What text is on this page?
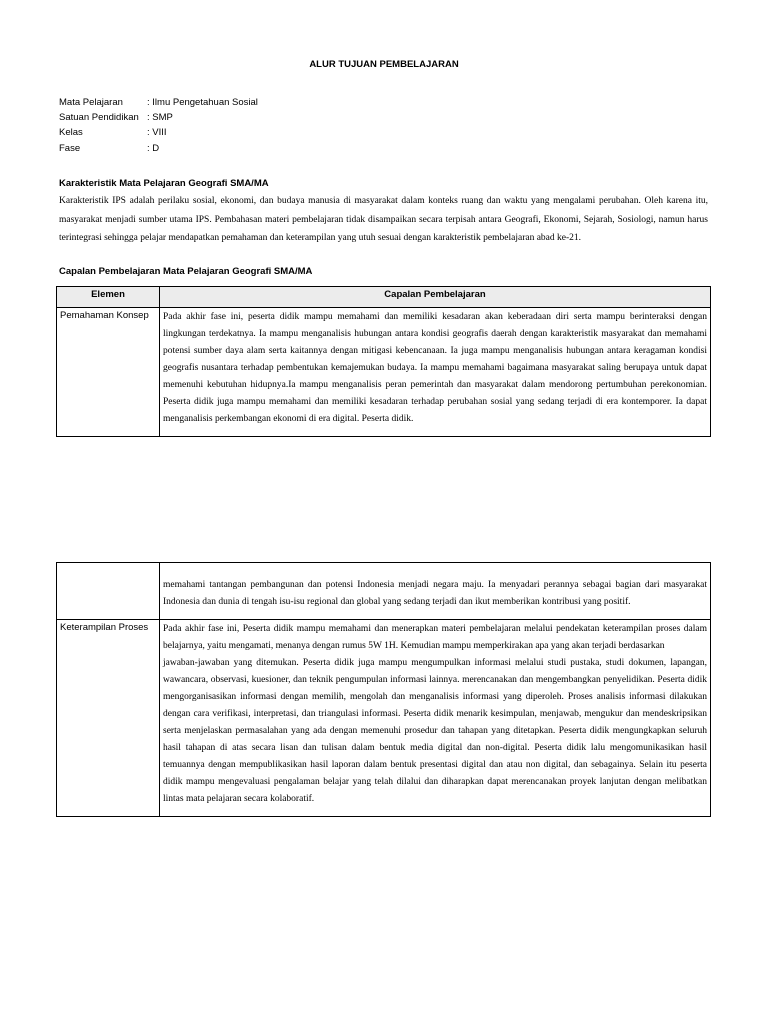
ALUR TUJUAN PEMBELAJARAN
Mata Pelajaran	: Ilmu Pengetahuan Sosial
Satuan Pendidikan : SMP
Kelas	: VIII
Fase	: D
Karakteristik Mata Pelajaran Geografi SMA/MA
Karakteristik IPS adalah perilaku sosial, ekonomi, dan budaya manusia di masyarakat dalam konteks ruang dan waktu yang mengalami perubahan. Oleh karena itu, masyarakat menjadi sumber utama IPS. Pembahasan materi pembelajaran tidak disampaikan secara terpisah antara Geografi, Ekonomi, Sejarah, Sosiologi, namun harus terintegrasi sehingga pelajar mendapatkan pemahaman dan keterampilan yang utuh sesuai dengan karakteristik pembelajaran abad ke-21.
Capalan Pembelajaran Mata Pelajaran Geografi SMA/MA
Elemen	Capalan Pembelajaran
Pemahaman Konsep	Pada akhir fase ini, peserta didik mampu memahami dan memiliki kesadaran akan keberadaan diri serta mampu berinteraksi dengan lingkungan terdekatnya. Ia mampu menganalisis hubungan antara kondisi geografis daerah dengan karakteristik masyarakat dan memahami potensi sumber daya alam serta kaitannya dengan mitigasi kebencanaan. Ia juga mampu menganalisis hubungan antara keragaman kondisi geografis nusantara terhadap pembentukan kemajemukan budaya. Ia mampu memahami bagaimana masyarakat saling berupaya untuk dapat memenuhi kebutuhan hidupnya.Ia mampu menganalisis peran pemerintah dan masyarakat dalam mendorong pertumbuhan perekonomian. Peserta didik juga mampu memahami dan memiliki kesadaran terhadap perubahan sosial yang sedang terjadi di era kontemporer. Ia dapat menganalisis perkembangan ekonomi di era digital. Peserta didik.
	memahami tantangan pembangunan dan potensi Indonesia menjadi negara maju. Ia menyadari perannya sebagai bagian dari masyarakat Indonesia dan dunia di tengah isu-isu regional dan global yang sedang terjadi dan ikut memberikan kontribusi yang positif.
Keterampilan Proses	Pada akhir fase ini, Peserta didik mampu memahami dan menerapkan materi pembelajaran melalui pendekatan keterampilan proses dalam belajarnya, yaitu mengamati, menanya dengan rumus 5W 1H. Kemudian mampu memperkirakan apa yang akan terjadi berdasarkan

jawaban-jawaban yang ditemukan. Peserta didik juga mampu mengumpulkan informasi melalui studi pustaka, studi dokumen, lapangan, wawancara, observasi, kuesioner, dan teknik pengumpulan informasi lainnya. merencanakan dan mengembangkan penyelidikan. Peserta didik mengorganisasikan informasi dengan memilih, mengolah dan menganalisis informasi yang diperoleh. Proses analisis informasi dilakukan dengan cara verifikasi, interpretasi, dan triangulasi informasi. Peserta didik menarik kesimpulan, menjawab, mengukur dan mendeskripsikan serta menjelaskan permasalahan yang ada dengan memenuhi prosedur dan tahapan yang ditetapkan. Peserta didik mengungkapkan seluruh hasil tahapan di atas secara lisan dan tulisan dalam bentuk media digital dan non-digital. Peserta didik lalu mengomunikasikan hasil temuannya dengan mempublikasikan hasil laporan dalam bentuk presentasi digital dan atau non digital, dan sebagainya. Selain itu peserta didik mampu mengevaluasi pengalaman belajar yang telah dilalui dan diharapkan dapat merencanakan proyek lanjutan dengan melibatkan lintas mata pelajaran secara kolaboratif.
